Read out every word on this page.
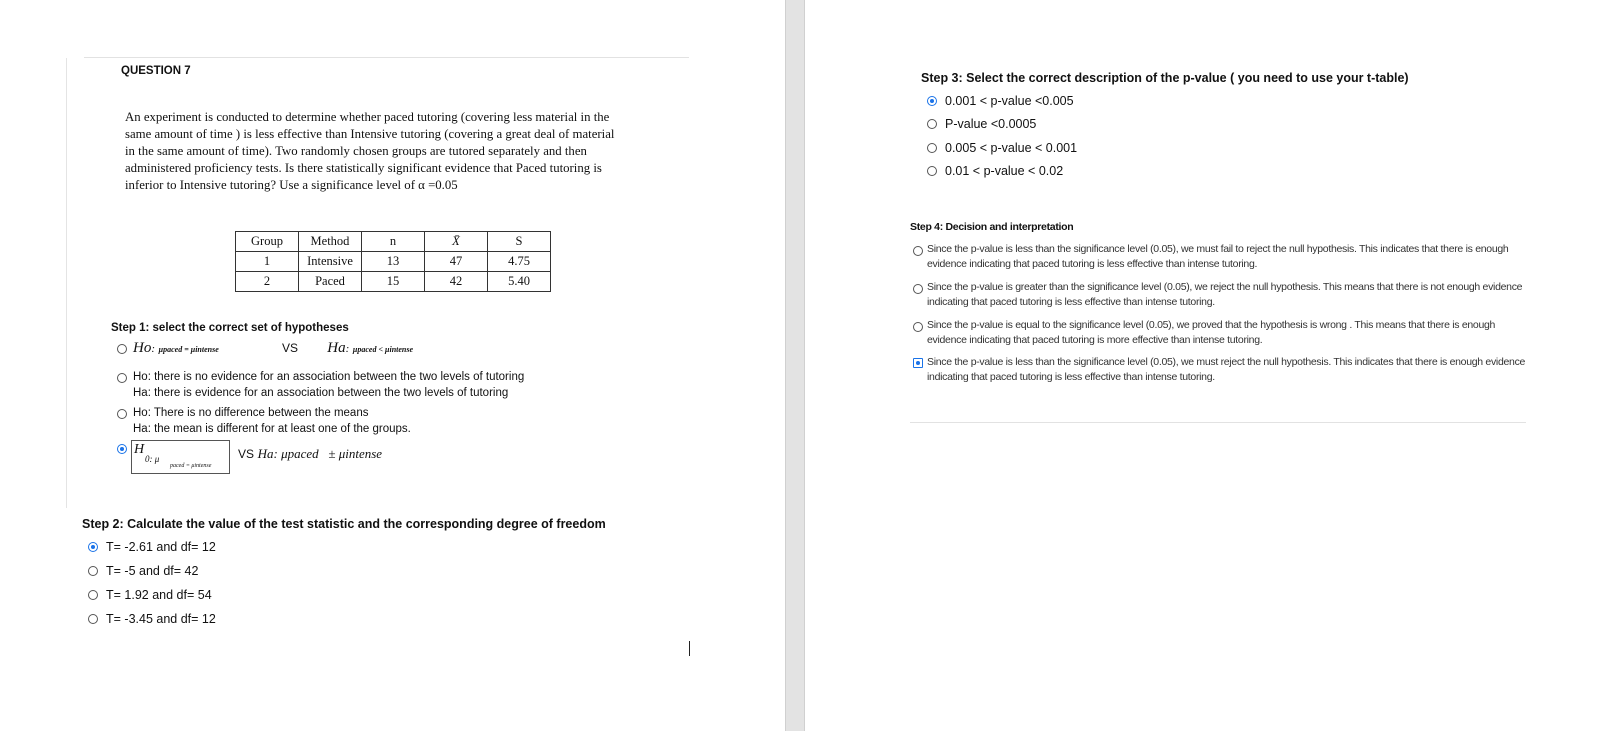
QUESTION 7
An experiment is conducted to determine whether paced tutoring (covering less material in the
same amount of time ) is less effective than Intensive tutoring (covering a great deal of material
in the same amount of time). Two randomly chosen groups are tutored separately and then
administered proficiency tests. Is there statistically significant evidence that Paced tutoring is
inferior to Intensive tutoring? Use a significance level of α =0.05
Group	Method	n	X̄	S
1	Intensive	13	47	4.75
2	Paced	15	42	5.40
Step 1: select the correct set of hypotheses
Ho: μpaced = μintense	VS Ha: μpaced < μintense
Ho: there is no evidence for an association between the two levels of tutoring
Ha: there is evidence for an association between the two levels of tutoring
Ho: There is no difference between the means
Ha: the mean is different for at least one of the groups.
H
0: μ
paced = μintense
VS Ha: μpaced ± μintense
Step 2: Calculate the value of the test statistic and the corresponding degree of freedom
T= -2.61 and df= 12
T= -5 and df= 42
T= 1.92 and df= 54
T= -3.45 and df= 12
Step 3: Select the correct description of the p-value ( you need to use your t-table)
0.001 < p-value <0.005
P-value <0.0005
0.005 < p-value < 0.001
0.01 < p-value < 0.02
Step 4: Decision and interpretation
Since the p-value is less than the significance level (0.05), we must fail to reject the null hypothesis. This indicates that there is enough
evidence indicating that paced tutoring is less effective than intense tutoring.
Since the p-value is greater than the significance level (0.05), we reject the null hypothesis. This means that there is not enough evidence
indicating that paced tutoring is less effective than intense tutoring.
Since the p-value is equal to the significance level (0.05), we proved that the hypothesis is wrong . This means that there is enough
evidence indicating that paced tutoring is more effective than intense tutoring.
Since the p-value is less than the significance level (0.05), we must reject the null hypothesis. This indicates that there is enough evidence
indicating that paced tutoring is less effective than intense tutoring.
